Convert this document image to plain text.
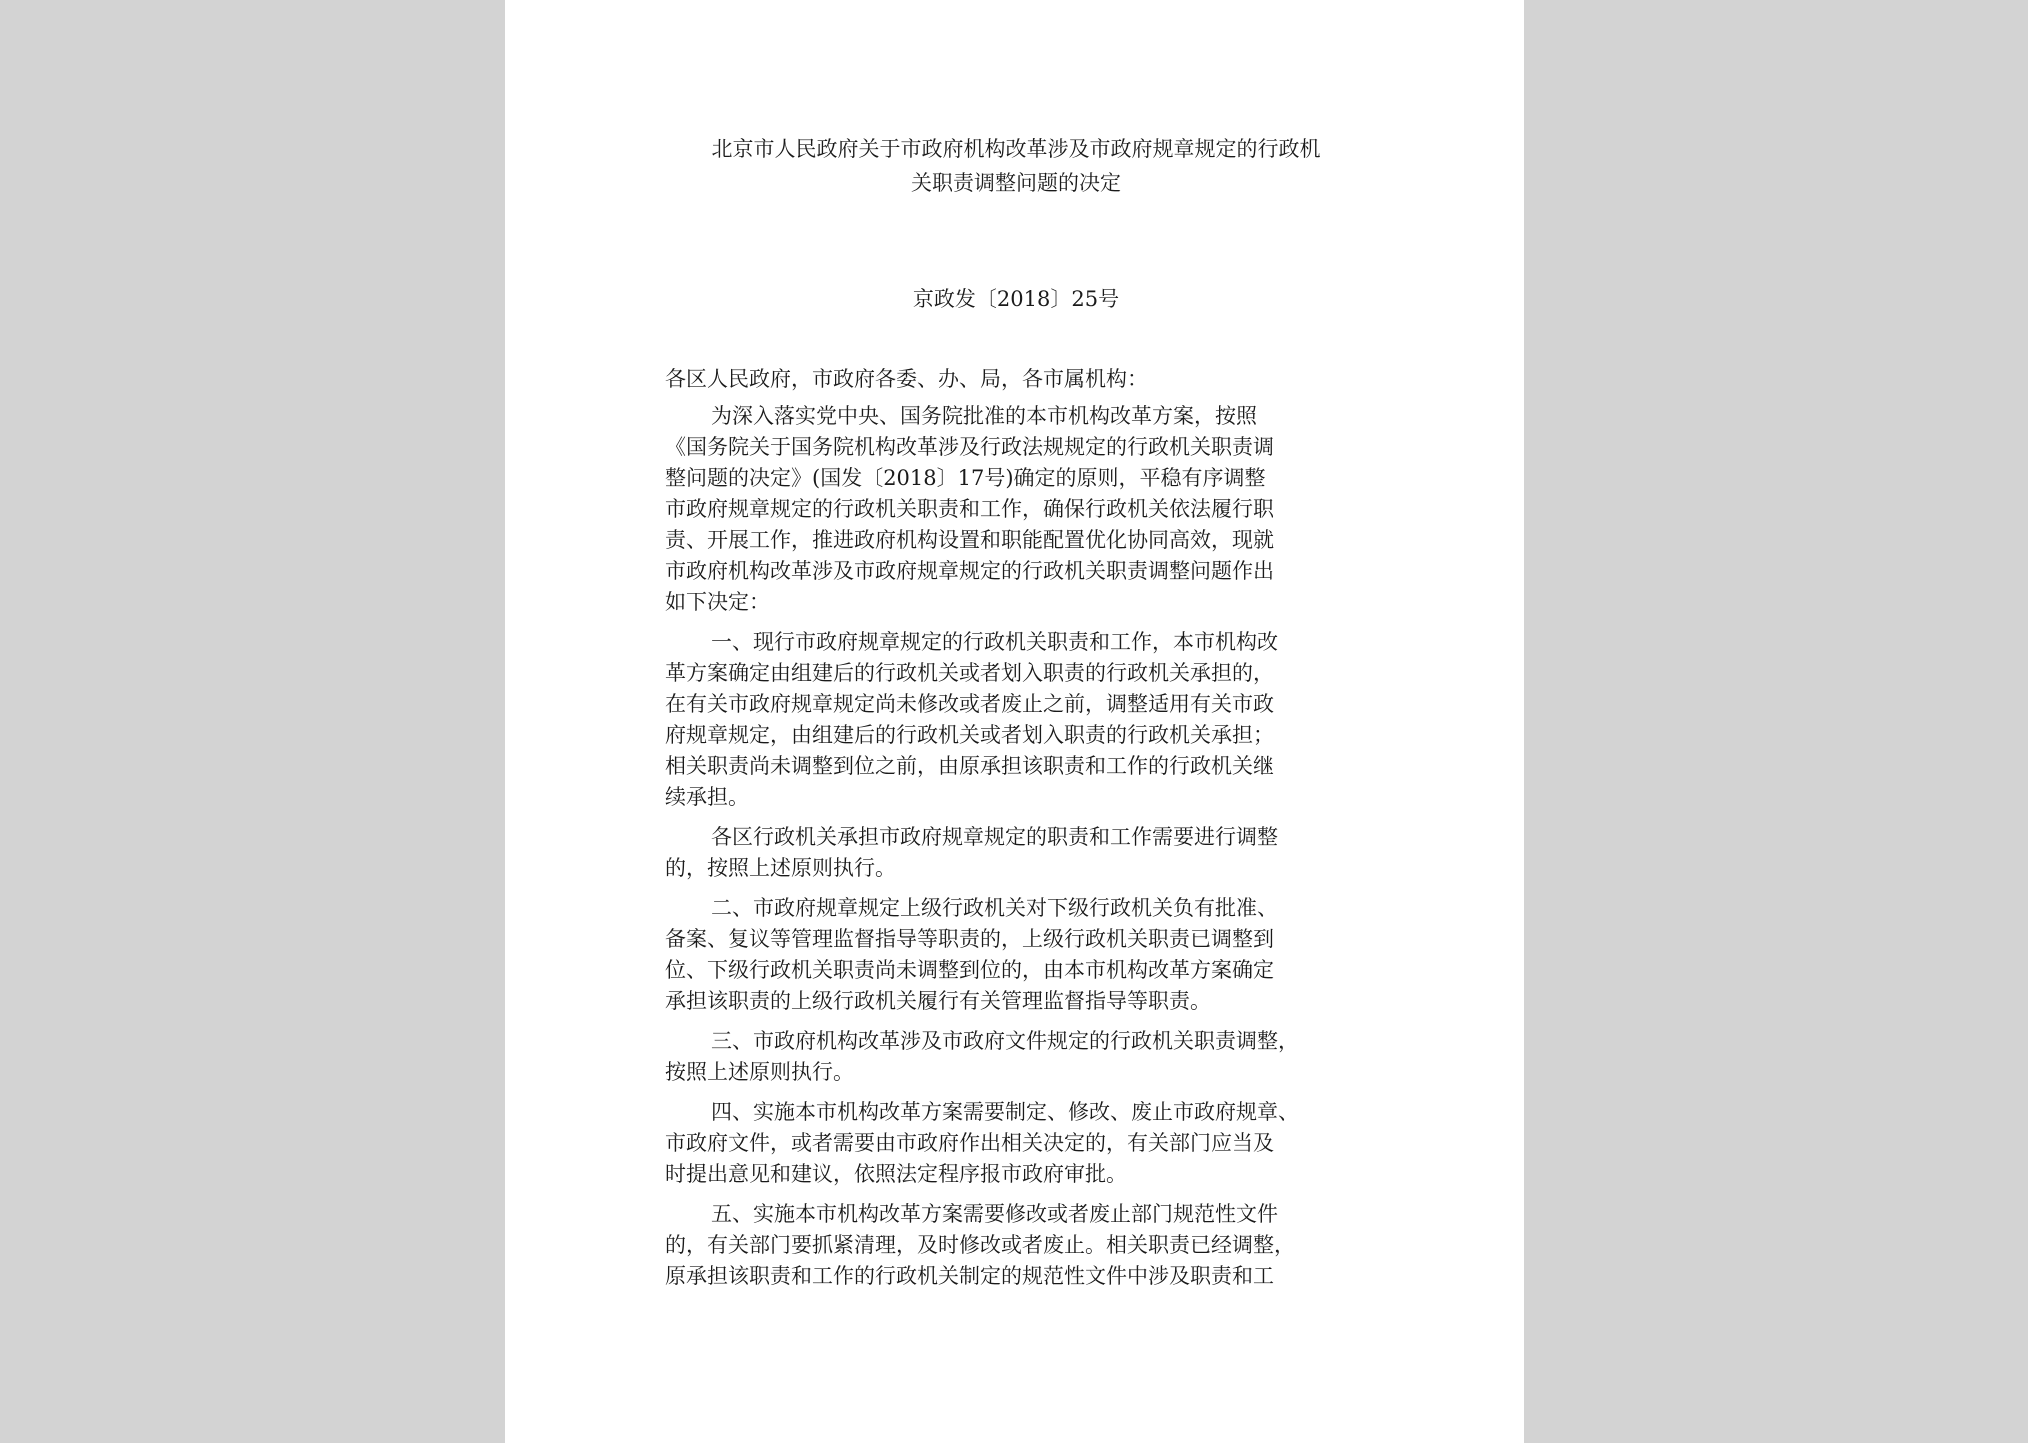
北京市人民政府关于市政府机构改革涉及市政府规章规定的行政机
关职责调整问题的决定
京政发〔2018〕25号
各区人民政府，市政府各委、办、局，各市属机构：
为深入落实党中央、国务院批准的本市机构改革方案，按照
《国务院关于国务院机构改革涉及行政法规规定的行政机关职责调
整问题的决定》(国发〔2018〕17号)确定的原则，平稳有序调整
市政府规章规定的行政机关职责和工作，确保行政机关依法履行职
责、开展工作，推进政府机构设置和职能配置优化协同高效，现就
市政府机构改革涉及市政府规章规定的行政机关职责调整问题作出
如下决定：
一、现行市政府规章规定的行政机关职责和工作，本市机构改
革方案确定由组建后的行政机关或者划入职责的行政机关承担的，
在有关市政府规章规定尚未修改或者废止之前，调整适用有关市政
府规章规定，由组建后的行政机关或者划入职责的行政机关承担；
相关职责尚未调整到位之前，由原承担该职责和工作的行政机关继
续承担。
各区行政机关承担市政府规章规定的职责和工作需要进行调整
的，按照上述原则执行。
二、市政府规章规定上级行政机关对下级行政机关负有批准、
备案、复议等管理监督指导等职责的，上级行政机关职责已调整到
位、下级行政机关职责尚未调整到位的，由本市机构改革方案确定
承担该职责的上级行政机关履行有关管理监督指导等职责。
三、市政府机构改革涉及市政府文件规定的行政机关职责调整，
按照上述原则执行。
四、实施本市机构改革方案需要制定、修改、废止市政府规章、
市政府文件，或者需要由市政府作出相关决定的，有关部门应当及
时提出意见和建议，依照法定程序报市政府审批。
五、实施本市机构改革方案需要修改或者废止部门规范性文件
的，有关部门要抓紧清理，及时修改或者废止。相关职责已经调整，
原承担该职责和工作的行政机关制定的规范性文件中涉及职责和工
